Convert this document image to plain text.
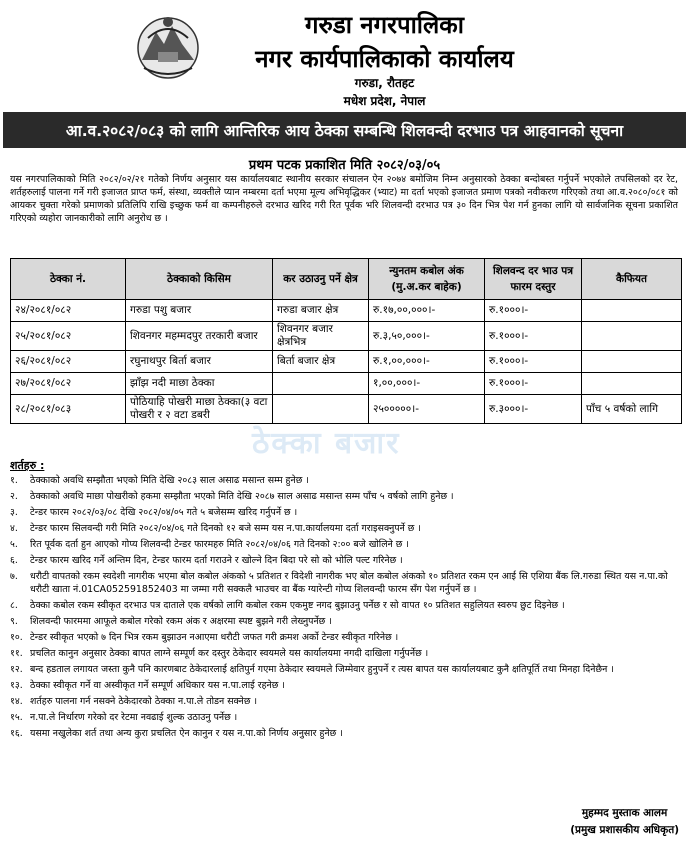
गरुडा नगरपालिका
नगर कार्यपालिकाको कार्यालय
गरुडा, रौतहट
मधेश प्रदेश, नेपाल
आ.व.२०८२/०८३ को लागि आन्तिरिक आय ठेक्का सम्बन्धि शिलवन्दी दरभाउ पत्र आहवानको सूचना
प्रथम पटक प्रकाशित मिति २०८२/०३/०५
यस नगरपालिकाको मिति २०८२/०२/२१ गतेको निर्णय अनुसार यस कार्यालयबाट स्थानीय सरकार संचालन ऐन २०७४ बमोजिम निम्न अनुसारको ठेक्का बन्दोबस्त गर्नुपर्ने भएकोले तपसिलको दर रेट, शर्तहरुलाई पालना गर्ने गरी इजाजत प्राप्त फर्म, संस्था, व्यक्तीले प्यान नम्बरमा दर्ता भएमा मूल्य अभिवृद्धिकर (भ्याट) मा दर्ता भएको इजाजत प्रमाण पत्रको नवीकरण गरिएको तथा आ.व.२०८०/०८१ को आयकर चुक्ता गरेको प्रमाणको प्रतिलिपि राखि इच्छुक फर्म वा कम्पनीहरुले दरभाउ खरिद गरी रित पूर्वक भरि शिलवन्दी दरभाउ पत्र ३० दिन भित्र पेश गर्न हुनका लागि यो सार्वजनिक सूचना प्रकाशित गरिएको व्यहोरा जानकारीको लागि अनुरोध छ ।
ठेक्का नं.	ठेक्काको किसिम	कर उठाउनु पर्ने क्षेत्र	न्युनतम कबोल अंक (मु.अ.कर बाहेक)	शिलवन्द दर भाउ पत्र फारम दस्तुर	कैफियत
२४/२०८१/०८२	गरुडा पशु बजार	गरुडा बजार क्षेत्र	रु.१७,००,०००।-	रु.१०००।-	
२५/२०८१/०८२	शिवनगर महम्मदपुर तरकारी बजार	शिवनगर बजार क्षेत्रभित्र	रु.३,५०,०००।-	रु.१०००।-	
२६/२०८१/०८२	रघुनाथपुर बिर्ता बजार	बिर्ता बजार क्षेत्र	रु.१,००,०००।-	रु.१०००।-	
२७/२०८१/०८२	झाँझ नदी माछा ठेक्का		१,००,०००।-	रु.१०००।-	
२८/२०८१/०८३	पोठियाहि पोखरी माछा ठेक्का(३ वटा पोखरी र २ वटा डबरी		२५०००००।-	रु.३०००।-	पाँच ५ वर्षको लागि
ठेक्का बजार
शर्तहरु :
१. ठेक्काको अवधि सम्झौता भएको मिति देखि २०८३ साल असाढ मसान्त सम्म हुनेछ ।
२. ठेक्काको अवधि माछा पोखरीको हकमा सम्झौता भएको मिति देखि २०८७ साल असाढ मसान्त सम्म पाँच ५ वर्षको लागि हुनेछ ।
३. टेन्डर फारम २०८२/०३/०८ देखि २०८२/०४/०५ गते ५ बजेसम्म खरिद गर्नुपर्ने छ ।
४. टेन्डर फारम सिलवन्दी गरी मिति २०८२/०४/०६ गते दिनको १२ बजे सम्म यस न.पा.कार्यालयमा दर्ता गराइसक्नुपर्ने छ ।
५. रित पूर्वक दर्ता हुन आएको गोप्य शिलवन्दी टेन्डर फारमहरु मिति २०८२/०४/०६ गते दिनको २:०० बजे खोलिने छ ।
६. टेन्डर फारम खरिद गर्ने अन्तिम दिन, टेन्डर फारम दर्ता गराउने र खोल्ने दिन बिदा परे सो को भोलि पल्ट गरिनेछ ।
७. धरौटी वापतको रकम स्वदेशी नागरीक भएमा बोल कबोल अंकको ५ प्रतिशत र विदेशी नागरीक भए बोल कबोल अंकको १० प्रतिशत रकम एन आई सि एशिया बैंक लि.गरुडा स्थित यस न.पा.को धरौटी खाता नं.01CA052591852403 मा जम्मा गरी सक्कलै भाउचर वा बैंक ग्यारेन्टी गोप्य शिलवन्दी फारम सँग पेश गर्नुपर्ने छ ।
८. ठेक्का कबोल रकम स्वीकृत दरभाउ पत्र दाताले एक वर्षको लागि कबोल रकम एकमुष्ट नगद बुझाउनु पर्नेछ र सो वापत १० प्रतिशत सहुलियत स्वरुप छुट दिइनेछ ।
९. शिलवन्दी फारममा आफूले कबोल गरेको रकम अंक र अक्षरमा स्पष्ट बुझने गरी लेख्नुपर्नेछ ।
१०. टेन्डर स्वीकृत भएको ७ दिन भित्र रकम बुझाउन नआएमा धरौटी जफत गरी क्रमश अर्को टेन्डर स्वीकृत गरिनेछ ।
११. प्रचलित कानुन अनुसार ठेक्का बापत लाग्ने सम्पूर्ण कर दस्तुर ठेकेदार स्वयमले यस कार्यालयमा नगदी दाखिला गर्नुपर्नेछ ।
१२. बन्द हडताल लगायत जस्ता कुनै पनि कारणबाट ठेकेदारलाई क्षतिपुर्न गएमा ठेकेदार स्वयमले जिम्मेवार हुनुपर्ने र त्यस बापत यस कार्यालयबाट कुनै क्षतिपूर्ति तथा मिनहा दिनेछैन ।
१३. ठेक्का स्वीकृत गर्ने वा अस्वीकृत गर्ने सम्पूर्ण अधिकार यस न.पा.लाई रहनेछ ।
१४. शर्तहरु पालना गर्न नसक्ने ठेकेदारको ठेक्का न.पा.ले तोडन सक्नेछ ।
१५. न.पा.ले निर्धारण गरेको दर रेटमा नवढाई शुल्क उठाउनु पर्नेछ ।
१६. यसमा नखुलेका शर्त तथा अन्य कुरा प्रचलित ऐन कानुन र यस न.पा.को निर्णय अनुसार हुनेछ ।
मुहम्मद मुस्ताक आलम
(प्रमुख प्रशासकीय अधिकृत)
